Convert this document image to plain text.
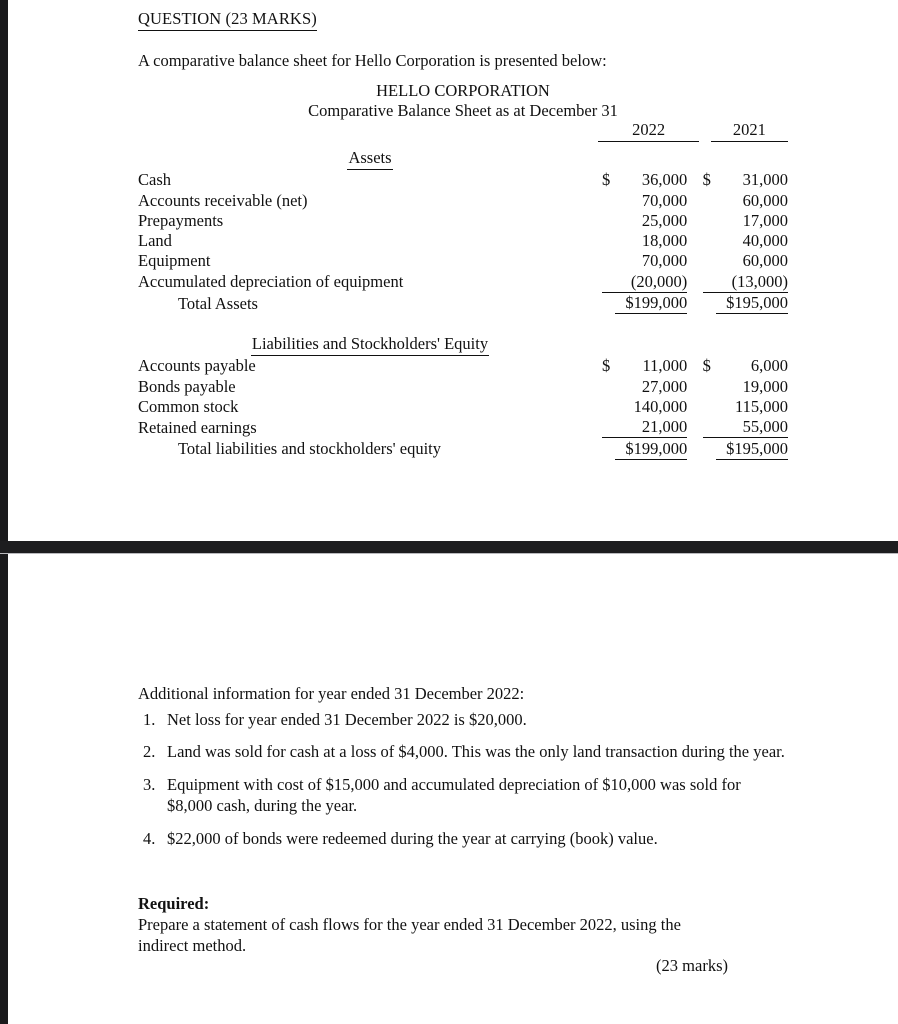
QUESTION (23 MARKS)
A comparative balance sheet for Hello Corporation is presented below:
HELLO CORPORATION
Comparative Balance Sheet as at December 31

	2022			2021	

Assets					
Cash	$	36,000		$	31,000
Accounts receivable (net)		70,000			60,000
Prepayments		25,000			17,000
Land		18,000			40,000
Equipment		70,000			60,000
Accumulated depreciation of equipment		(20,000)			(13,000)
Total Assets		$199,000			$195,000

Liabilities and Stockholders' Equity					
Accounts payable	$	11,000		$	6,000
Bonds payable		27,000			19,000
Common stock		140,000			115,000
Retained earnings		21,000			55,000
Total liabilities and stockholders' equity		$199,000			$195,000
Additional information for year ended 31 December 2022:
1. Net loss for year ended 31 December 2022 is $20,000.
2. Land was sold for cash at a loss of $4,000. This was the only land transaction during the year.
3. Equipment with cost of $15,000 and accumulated depreciation of $10,000 was sold for $8,000 cash, during the year.
4. $22,000 of bonds were redeemed during the year at carrying (book) value.
Required:
Prepare a statement of cash flows for the year ended 31 December 2022, using the indirect method.
(23 marks)
